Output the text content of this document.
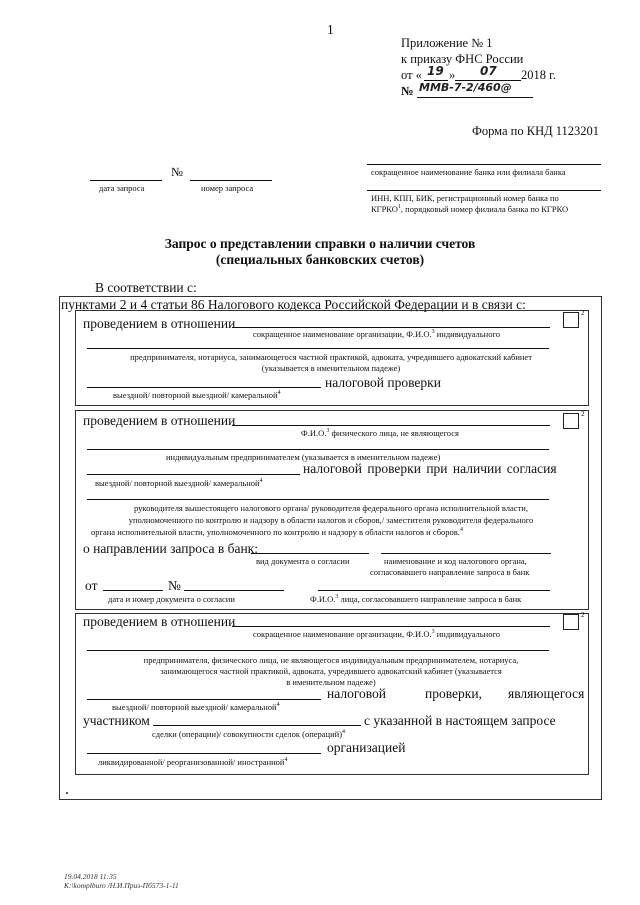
1
Приложение № 1
к приказу ФНС России
от « 19 » 07 2018 г.
№ ММВ-7-2/460@
Форма по КНД 1123201
№
дата запроса	номер запроса
сокращенное наименование банка или филиала банка
ИНН, КПП, БИК, регистрационный номер банка по
КГРКО$^1$, порядковый номер филиала банка по КГРКО
Запрос о представлении справки о наличии счетов
(специальных банковских счетов)
В соответствии с:
пунктами 2 и 4 статьи 86 Налогового кодекса Российской Федерации и в связи с:
проведением в отношении
2
сокращенное наименование организации, Ф.И.О.$^3$ индивидуального
предпринимателя, нотариуса, занимающегося частной практикой, адвоката, учредившего адвокатский кабинет
(указывается в именительном падеже)
налоговой проверки
выездной/ повторной выездной/ камеральной$^4$
проведением в отношении	2
Ф.И.О.$^3$ физического лица, не являющегося
индивидуальным предпринимателем (указывается в именительном падеже)
налоговой проверки при наличии согласия
выездной/ повторной выездной/ камеральной$^4$
руководителя вышестоящего налогового органа/ руководителя федерального органа исполнительной власти,
уполномоченного по контролю и надзору в области налогов и сборов,/ заместителя руководителя федерального
органа исполнительной власти, уполномоченного по контролю и надзору в области налогов и сборов.$^4$
о направлении запроса в банк:
вид документа о согласии	наименование и код налогового органа,
согласовавшего направление запроса в банк
от	№
дата и номер документа о согласии	Ф.И.О.$^3$ лица, согласовавшего направление запроса в банк
проведением в отношении	2
сокращенное наименование организации, Ф.И.О.$^3$ индивидуального
предпринимателя, физического лица, не являющегося индивидуальным предпринимателем, нотариуса,
занимающегося частной практикой, адвоката, учредившего адвокатский кабинет (указывается
в именительном падеже)
налоговой	проверки, являющегося
выездной/ повторной выездной/ камеральной$^4$
участником	с указанной в настоящем запросе
сделки (операции)/ совокупности сделок (операций)$^4$
организацией
ликвидированной/ реорганизованной/ иностранной$^4$
19.04.2018 11:35
К:\komplburo /Н.И.Приз-Пб573-1-11
